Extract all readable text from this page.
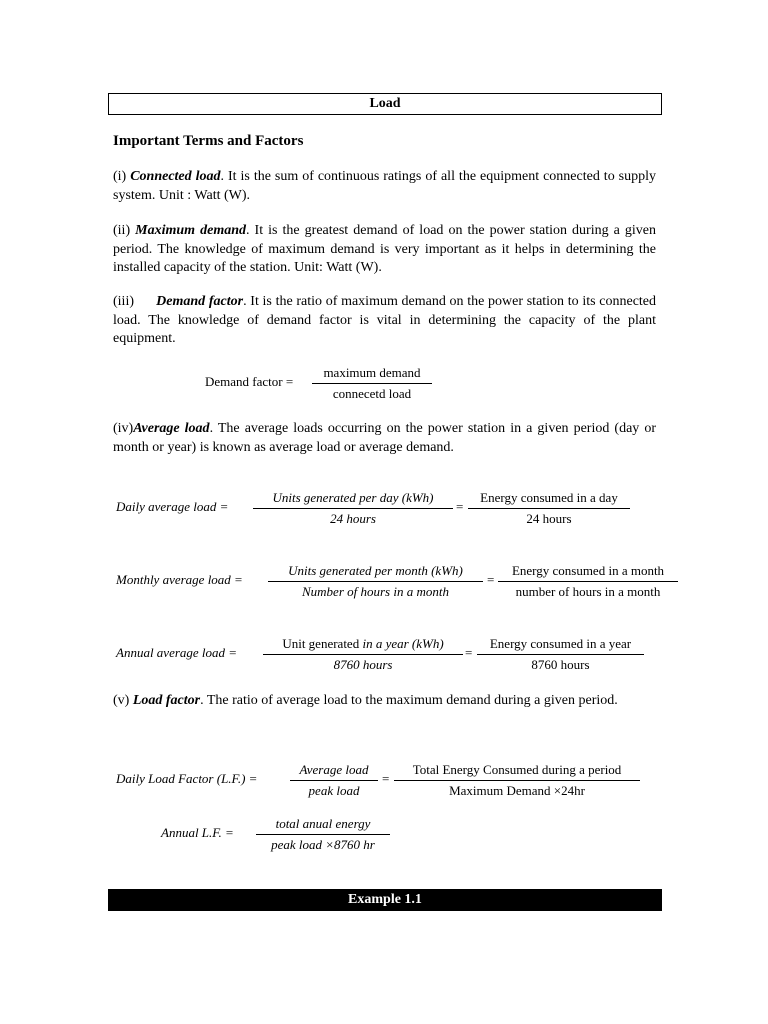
Load
Important Terms and Factors
(i) Connected load. It is the sum of continuous ratings of all the equipment connected to supply system. Unit : Watt (W).
(ii) Maximum demand. It is the greatest demand of load on the power station during a given period. The knowledge of maximum demand is very important as it helps in determining the installed capacity of the station. Unit: Watt (W).
(iii) Demand factor. It is the ratio of maximum demand on the power station to its connected load. The knowledge of demand factor is vital in determining the capacity of the plant equipment.
Demand factor =
maximum demand
connecetd load
(iv)Average load. The average loads occurring on the power station in a given period (day or month or year) is known as average load or average demand.
Daily average load =
Units generated per day (kWh)
24 hours
=
Energy consumed in a day
24 hours
Monthly average load =
Units generated per month (kWh)
Number of hours in a month
=
Energy consumed in a month
number of hours in a month
Annual average load =
Unit generated in a year (kWh)
8760 hours
=
Energy consumed in a year
8760 hours
(v) Load factor. The ratio of average load to the maximum demand during a given period.
Daily Load Factor (L.F.) =
Average load
peak load
=
Total Energy Consumed during a period
Maximum Demand ×24hr
Annual L.F. =
total anual energy
peak load ×8760 hr
Example 1.1
